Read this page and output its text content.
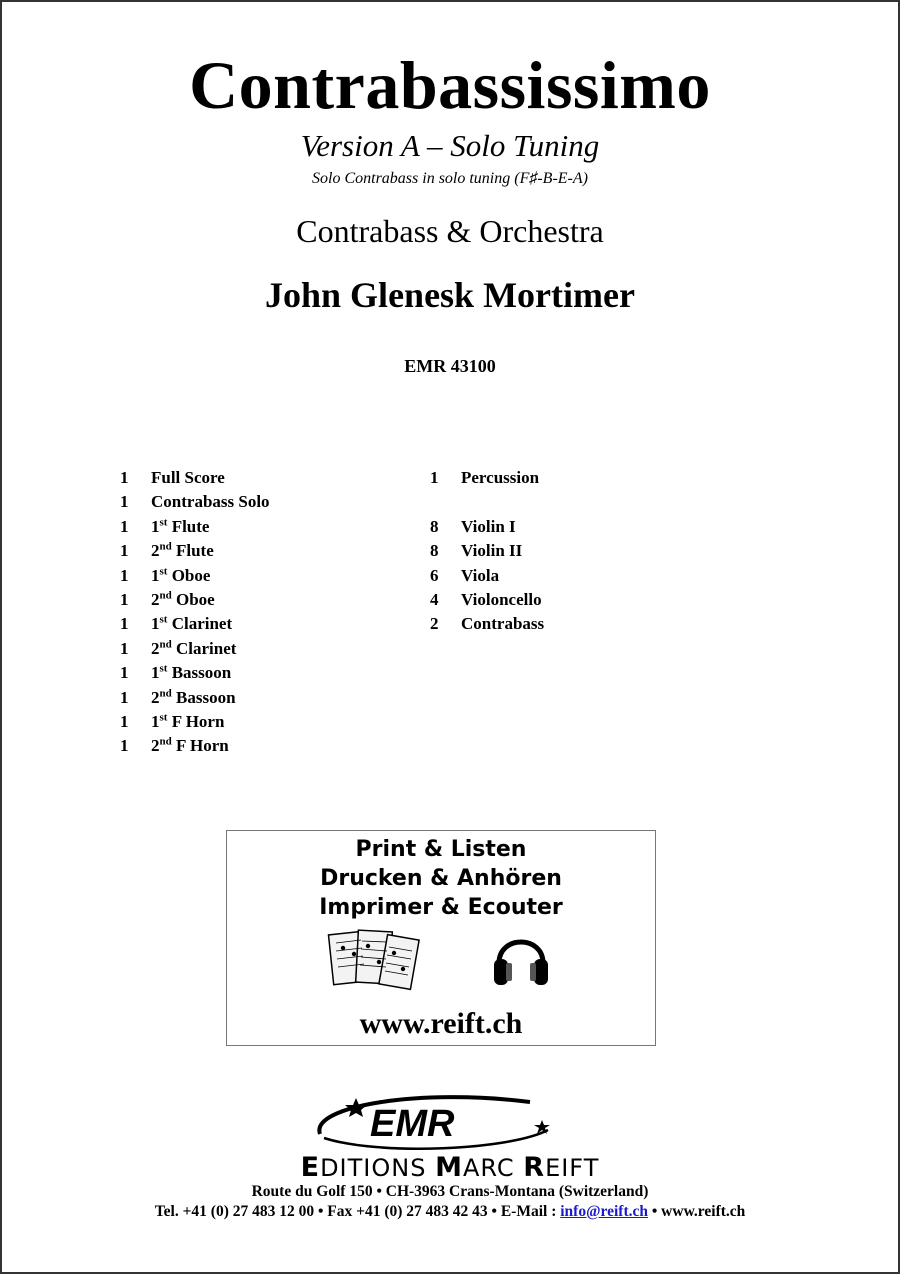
Contrabassissimo
Version A – Solo Tuning
Solo Contrabass in solo tuning (F♯-B-E-A)
Contrabass & Orchestra
John Glenesk Mortimer
EMR 43100
1 Full Score
1 Contrabass Solo
1 1st Flute
1 2nd Flute
1 1st Oboe
1 2nd Oboe
1 1st Clarinet
1 2nd Clarinet
1 1st Bassoon
1 2nd Bassoon
1 1st F Horn
1 2nd F Horn
1 Percussion
8 Violin I
8 Violin II
6 Viola
4 Violoncello
2 Contrabass
Print & Listen
Drucken & Anhören
Imprimer & Ecouter
www.reift.ch
EMR
EDITIONS MARC REIFT
Route du Golf 150 • CH-3963 Crans-Montana (Switzerland)
Tel. +41 (0) 27 483 12 00 • Fax +41 (0) 27 483 42 43 • E-Mail : info@reift.ch • www.reift.ch
